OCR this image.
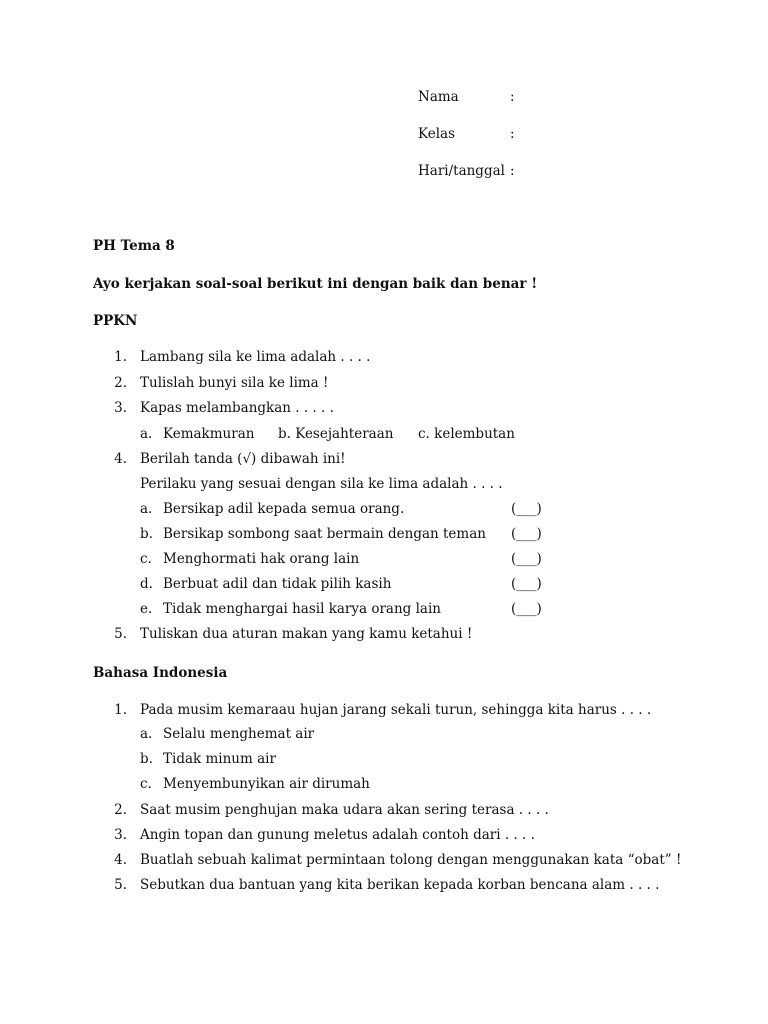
Nama	:
Kelas	:
Hari/tanggal :
PH Tema 8
Ayo kerjakan soal-soal berikut ini dengan baik dan benar !
PPKN
1. Lambang sila ke lima adalah . . . .
2. Tulislah bunyi sila ke lima !
3. Kapas melambangkan . . . . .
a. Kemakmuran b. Kesejahteraan c. kelembutan
4. Berilah tanda (√) dibawah ini!
Perilaku yang sesuai dengan sila ke lima adalah . . . .
a. Bersikap adil kepada semua orang.	(___)
b. Bersikap sombong saat bermain dengan teman (___)
c. Menghormati hak orang lain	(___)
d. Berbuat adil dan tidak pilih kasih	(___)
e. Tidak menghargai hasil karya orang lain	(___)
5. Tuliskan dua aturan makan yang kamu ketahui !
Bahasa Indonesia
1. Pada musim kemaraau hujan jarang sekali turun, sehingga kita harus . . . .
a. Selalu menghemat air
b. Tidak minum air
c. Menyembunyikan air dirumah
2. Saat musim penghujan maka udara akan sering terasa . . . .
3. Angin topan dan gunung meletus adalah contoh dari . . . .
4. Buatlah sebuah kalimat permintaan tolong dengan menggunakan kata “obat” !
5. Sebutkan dua bantuan yang kita berikan kepada korban bencana alam . . . .
